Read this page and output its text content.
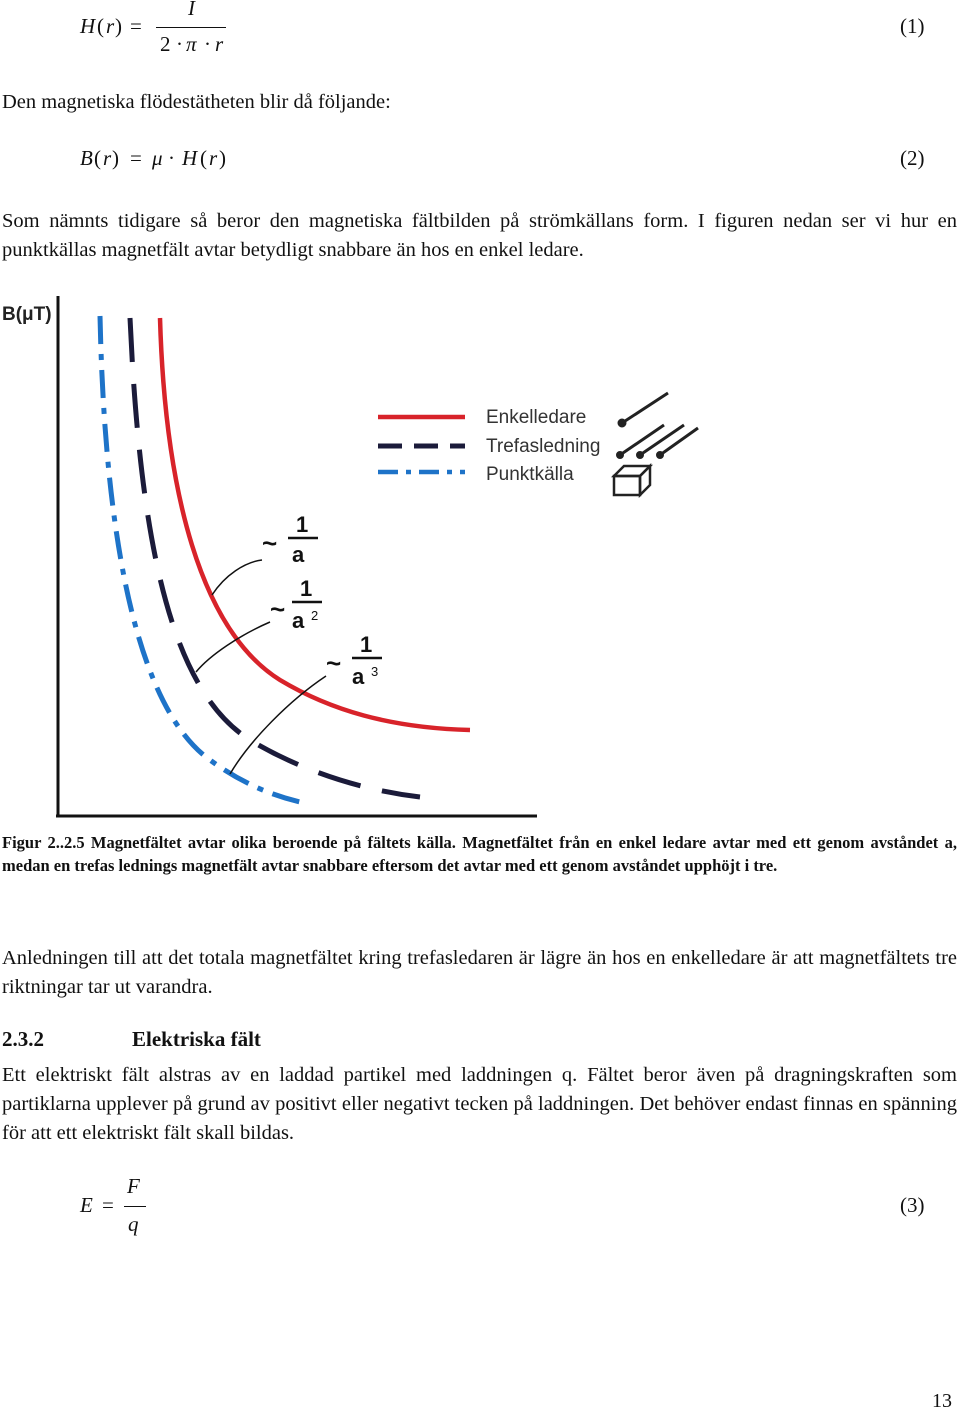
H ( r ) =
I
2 · π · r
(1)

Den magnetiska flödestätheten blir då följande:

B ( r ) = μ · H ( r )	(2)

Som nämnts tidigare så beror den magnetiska fältbilden på strömkällans form. I figuren nedan ser vi hur en punktkällas magnetfält avtar betydligt snabbare än hos en enkel ledare.

B(μT)
Enkelledare
Trefasledning
Punktkälla
~
1
a
~
1
a 2
~
1
a 3

Figur 2..2.5 Magnetfältet avtar olika beroende på fältets källa. Magnetfältet från en enkel ledare avtar med ett genom avståndet a, medan en trefas lednings magnetfält avtar snabbare eftersom det avtar med ett genom avståndet upphöjt i tre.

Anledningen till att det totala magnetfältet kring trefasledaren är lägre än hos en enkelledare är att magnetfältets tre riktningar tar ut varandra.

2.3.2	Elektriska fält

Ett elektriskt fält alstras av en laddad partikel med laddningen q. Fältet beror även på dragningskraften som partiklarna upplever på grund av positivt eller negativt tecken på laddningen. Det behöver endast finnas en spänning för att ett elektriskt fält skall bildas.

E =
F
q
(3)
13
